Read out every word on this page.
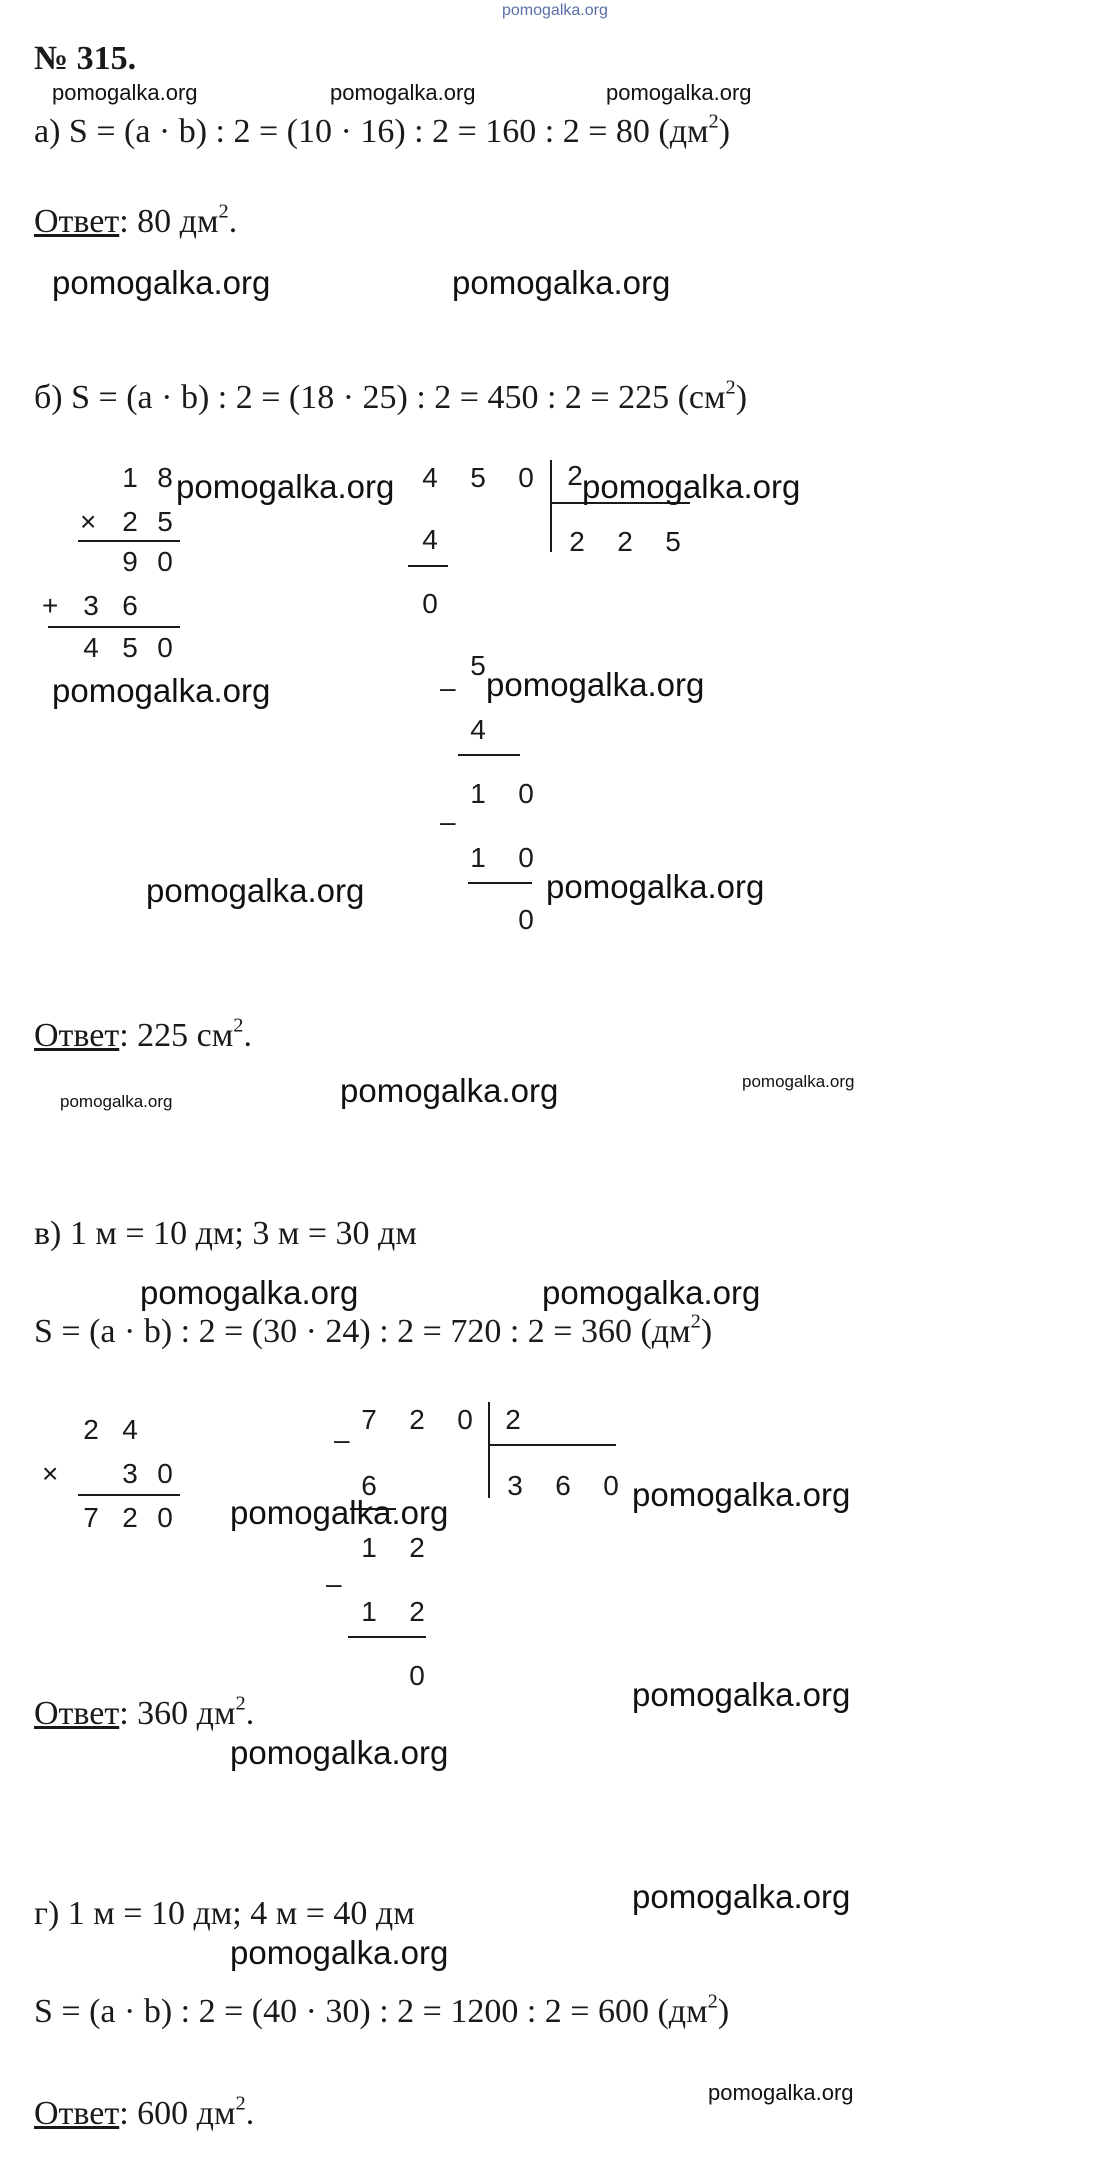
pomogalka.org
№ 315.
pomogalka.org	pomogalka.org	pomogalka.org
а) S = (a · b) : 2 = (10 · 16) : 2 = 160 : 2 = 80 $(дм^2)$
Ответ: 80 $дм^2$.
pomogalka.org	pomogalka.org
б) S = (a · b) : 2 = (18 · 25) : 2 = 450 : 2 = 225 $(см^2)$
1 8
× 2 5
9 0
+ 3 6
4 5 0
4 5 0 2
2 2 5
4
0
–
5
4
1 0
–
1 0
0
pomogalka.org	pomogalka.org
pomogalka.org	pomogalka.org
pomogalka.org	pomogalka.org
Ответ: 225 $см^2$.
pomogalka.org	pomogalka.org	pomogalka.org
в) 1 м = 10 дм; 3 м = 30 дм
pomogalka.org	pomogalka.org
S = (a · b) : 2 = (30 · 24) : 2 = 720 : 2 = 360 $(дм^2)$
2 4
× 3 0
7 2 0
–
7 2 0 2
3 6 0
6
–
1 2
1 2
0
pomogalka.org	pomogalka.org
pomogalka.org
Ответ: 360 $дм^2$.
pomogalka.org
pomogalka.org
г) 1 м = 10 дм; 4 м = 40 дм
pomogalka.org
S = (a · b) : 2 = (40 · 30) : 2 = 1200 : 2 = 600 $(дм^2)$
pomogalka.org
Ответ: 600 $дм^2$.
